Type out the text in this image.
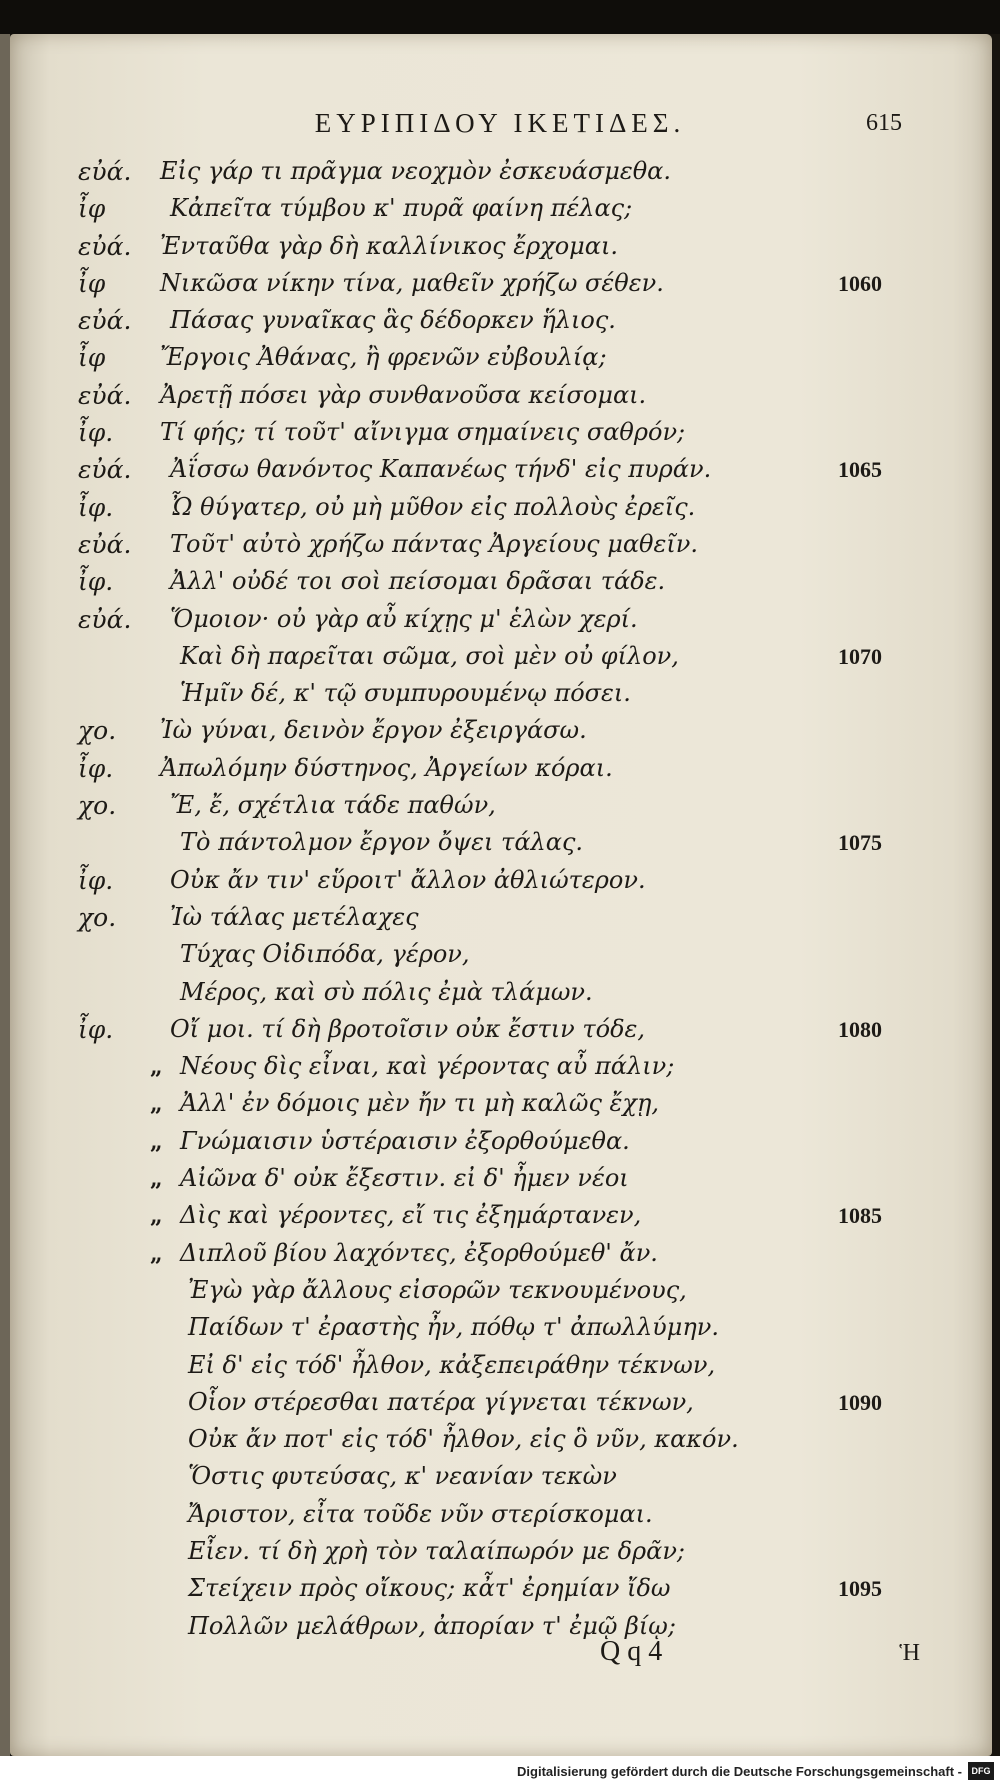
ΕΥΡΙΠΙΔΟΥ ΙΚΕΤΙΔΕΣ.	615
εὐά.	Εἰς γάρ τι πρᾶγμα νεοχμὸν ἐσκευάσμεθα.
ἶφ	Κἀπεῖτα τύμβου κ' πυρᾶ φαίνη πέλας;
εὐά.	Ἐνταῦθα γὰρ δὴ καλλίνικος ἔρχομαι.
ἶφ	Νικῶσα νίκην τίνα, μαθεῖν χρήζω σέθεν.	1060
εὐά.	Πάσας γυναῖκας ἃς δέδορκεν ἥλιος.
ἶφ	Ἔργοις Ἀθάνας, ἢ φρενῶν εὐβουλίᾳ;
εὐά.	Ἀρετῇ πόσει γὰρ συνθανοῦσα κείσομαι.
ἶφ.	Τί φής; τί τοῦτ' αἴνιγμα σημαίνεις σαθρόν;
εὐά.	Ἀΐσσω θανόντος Καπανέως τήνδ' εἰς πυράν.	1065
ἶφ.	Ὦ θύγατερ, οὐ μὴ μῦθον εἰς πολλοὺς ἐρεῖς.
εὐά.	Τοῦτ' αὐτὸ χρήζω πάντας Ἀργείους μαθεῖν.
ἶφ.	Ἀλλ' οὐδέ τοι σοὶ πείσομαι δρᾶσαι τάδε.
εὐά.	Ὅμοιον· οὐ γὰρ αὖ κίχῃς μ' ἑλὼν χερί.
Καὶ δὴ παρεῖται σῶμα, σοὶ μὲν οὐ φίλον,	1070
Ἡμῖν δέ, κ' τῷ συμπυρουμένῳ πόσει.
χο.	Ἰὼ γύναι, δεινὸν ἔργον ἐξειργάσω.
ἶφ.	Ἀπωλόμην δύστηνος, Ἀργείων κόραι.
χο.	Ἔ, ἔ, σχέτλια τάδε παθών,
Τὸ πάντολμον ἔργον ὄψει τάλας.	1075
ἶφ.	Οὐκ ἄν τιν' εὕροιτ' ἄλλον ἀθλιώτερον.
χο.	Ἰὼ τάλας μετέλαχες
Τύχας Οἰδιπόδα, γέρον,
Μέρος, καὶ σὺ πόλις ἐμὰ τλάμων.
ἶφ.	Οἴ μοι. τί δὴ βροτοῖσιν οὐκ ἔστιν τόδε,	1080
„ Νέους δὶς εἶναι, καὶ γέροντας αὖ πάλιν;
„ Ἀλλ' ἐν δόμοις μὲν ἤν τι μὴ καλῶς ἔχῃ,
„ Γνώμαισιν ὑστέραισιν ἐξορθούμεθα.
„ Αἰῶνα δ' οὐκ ἔξεστιν. εἰ δ' ἦμεν νέοι
„ Δὶς καὶ γέροντες, εἴ τις ἐξημάρτανεν,	1085
„ Διπλοῦ βίου λαχόντες, ἐξορθούμεθ' ἄν.
Ἐγὼ γὰρ ἄλλους εἰσορῶν τεκνουμένους,
Παίδων τ' ἐραστὴς ἦν, πόθῳ τ' ἀπωλλύμην.
Εἰ δ' εἰς τόδ' ἦλθον, κἀξεπειράθην τέκνων,
Οἷον στέρεσθαι πατέρα γίγνεται τέκνων,	1090
Οὐκ ἄν ποτ' εἰς τόδ' ἦλθον, εἰς ὃ νῦν, κακόν.
Ὅστις φυτεύσας, κ' νεανίαν τεκὼν
Ἄριστον, εἶτα τοῦδε νῦν στερίσκομαι.
Εἶεν. τί δὴ χρὴ τὸν ταλαίπωρόν με δρᾶν;
Στείχειν πρὸς οἴκους; κἆτ' ἐρημίαν ἴδω	1095
Πολλῶν μελάθρων, ἀπορίαν τ' ἐμῷ βίῳ;
Q q 4	Ἡ
Digitalisierung gefördert durch die Deutsche Forschungsgemeinschaft -	DFG
